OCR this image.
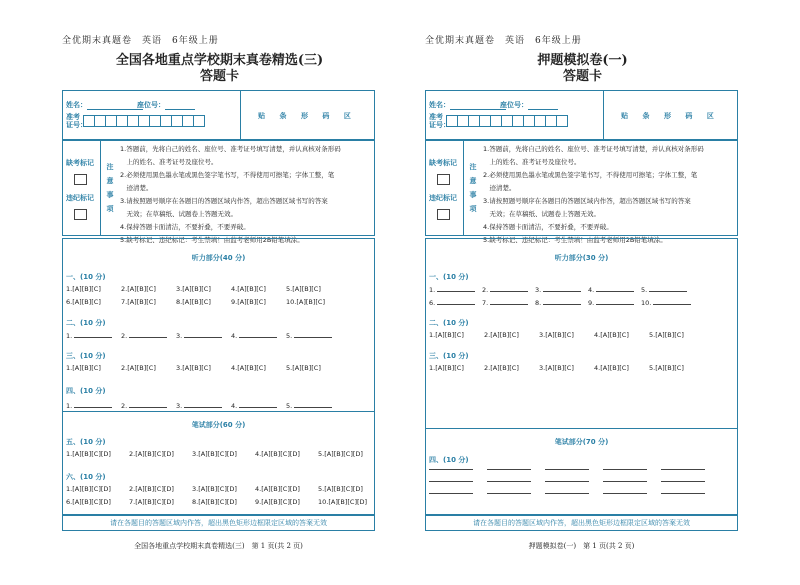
全优期末真题卷　英语　6年级上册
全国各地重点学校期末真卷精选(三)
答题卡
姓名：	座位号：
准考
证号：
贴 条 形 码 区
缺考标记
违纪标记
注
意
事
项
1.答题前，先将自己的姓名、座位号、准考证号填写清楚，并认真核对条形码
　上的姓名、准考证号及座位号。
2.必须使用黑色墨水笔或黑色签字笔书写，不得使用可擦笔；字体工整，笔
　迹清楚。
3.请按照题号顺序在各题目的答题区域内作答，超出答题区域书写的答案
　无效；在草稿纸、试题卷上答题无效。
4.保持答题卡面清洁，不要折叠，不要弄破。
5.缺考标记、违纪标记：考生禁填！由监考老师用2B铅笔填涂。
听力部分(40 分)
一、(10 分)
1.[A][B][C]	2.[A][B][C]	3.[A][B][C]	4.[A][B][C]	5.[A][B][C]
6.[A][B][C]	7.[A][B][C]	8.[A][B][C]	9.[A][B][C]	10.[A][B][C]
二、(10 分)
1.	2.	3.	4.	5.
三、(10 分)
1.[A][B][C]	2.[A][B][C]	3.[A][B][C]	4.[A][B][C]	5.[A][B][C]
四、(10 分)
1.	2.	3.	4.	5.
笔试部分(60 分)
五、(10 分)
1.[A][B][C][D]	2.[A][B][C][D]	3.[A][B][C][D]	4.[A][B][C][D]	5.[A][B][C][D]
六、(10 分)
1.[A][B][C][D]	2.[A][B][C][D]	3.[A][B][C][D]	4.[A][B][C][D]	5.[A][B][C][D]
6.[A][B][C][D]	7.[A][B][C][D]	8.[A][B][C][D]	9.[A][B][C][D]	10.[A][B][C][D]
请在各题目的答题区域内作答，超出黑色矩形边框限定区域的答案无效
全国各地重点学校期末真卷精选(三)　第 1 页(共 2 页)
全优期末真题卷　英语　6年级上册
押题模拟卷(一)
答题卡
姓名：	座位号：
准考
证号：
贴 条 形 码 区
缺考标记
违纪标记
注
意
事
项
1.答题前，先将自己的姓名、座位号、准考证号填写清楚，并认真核对条形码
　上的姓名、准考证号及座位号。
2.必须使用黑色墨水笔或黑色签字笔书写，不得使用可擦笔；字体工整，笔
　迹清楚。
3.请按照题号顺序在各题目的答题区域内作答，超出答题区域书写的答案
　无效；在草稿纸、试题卷上答题无效。
4.保持答题卡面清洁，不要折叠，不要弄破。
5.缺考标记、违纪标记：考生禁填！由监考老师用2B铅笔填涂。
听力部分(30 分)
一、(10 分)
1.	2.	3.	4.	5.
6.	7.	8.	9.	10.
二、(10 分)
1.[A][B][C]	2.[A][B][C]	3.[A][B][C]	4.[A][B][C]	5.[A][B][C]
三、(10 分)
1.[A][B][C]	2.[A][B][C]	3.[A][B][C]	4.[A][B][C]	5.[A][B][C]
笔试部分(70 分)
四、(10 分)
请在各题目的答题区域内作答，超出黑色矩形边框限定区域的答案无效
押题模拟卷(一)　第 1 页(共 2 页)
